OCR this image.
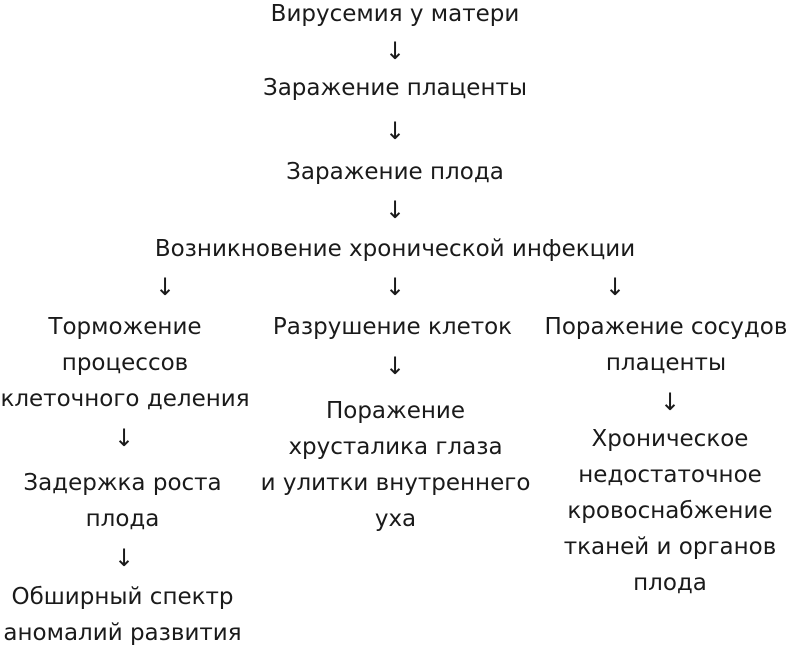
Вирусемия у матери
↓
Заражение плаценты
↓
Заражение плода
↓
Возникновение хронической инфекции
↓	↓	↓
Торможение
процессов
клеточного деления
↓
Задержка роста
плода
↓
Обширный спектр
аномалий развития
Разрушение клеток
↓
Поражение
хрусталика глаза
и улитки внутреннего
уха
Поражение сосудов
плаценты
↓
Хроническое
недостаточное
кровоснабжение
тканей и органов
плода
